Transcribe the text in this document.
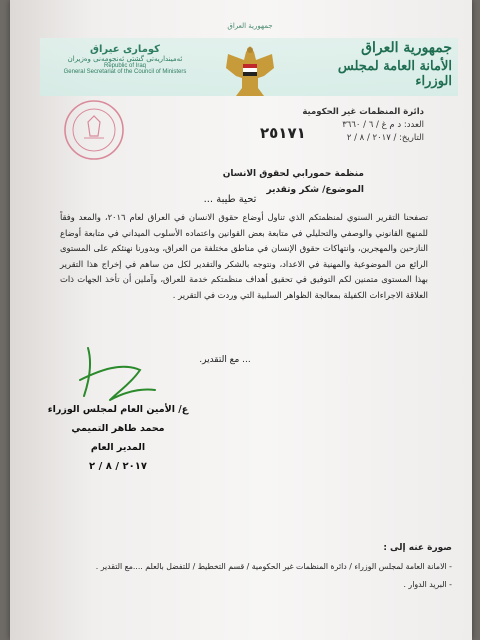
جمهورية العراق
جمهورية العراق
الأمانة العامة لمجلس الوزراء
كومارى عيراق
ئەمینداریەتی گشتی ئەنجومەنی وەزیران
Republic of Iraq
General Secretariat of the Council of Ministers
دائرة المنظمات غير الحكومية
العدد: د م غ / ٦ / ٣٦٦٠
التاريخ: / ٢٠١٧ / ٨ / ٢
٢٥١٧١
منظمة حمورابي لحقوق الانسان
الموضوع/ شكر وتقدير
تحية طيبة ...
تصفحنا التقرير السنوي لمنظمتكم الذي تناول أوضاع حقوق الانسان في العراق لعام ٢٠١٦، والمعد وفقاً للمنهج القانوني والوصفي والتحليلي في متابعة بعض القوانين واعتماده الأسلوب الميداني في متابعة أوضاع النازحين والمهجرين، وانتهاكات حقوق الإنسان في مناطق مختلفة من العراق، وبدورنا نهنئكم على المستوى الرائع من الموضوعية والمهنية في الاعداد، ونتوجه بالشكر والتقدير لكل من ساهم في إخراج هذا التقرير بهذا المستوى متمنين لكم التوفيق في تحقيق أهداف منظمتكم خدمة للعراق، وآملين أن تأخذ الجهات ذات العلاقة الاجراءات الكفيلة بمعالجة الظواهر السلبية التي وردت في التقرير .
... مع التقدير.
ع/ الأمين العام لمجلس الوزراء
محمد طاهر التميمي
المدير العام
٢٠١٧ / ٨ / ٢
صورة عنه إلى :
- الامانة العامة لمجلس الوزراء / دائرة المنظمات غير الحكومية / قسم التخطيط / للتفضل بالعلم ....مع التقدير .
- البريد الدوار .
